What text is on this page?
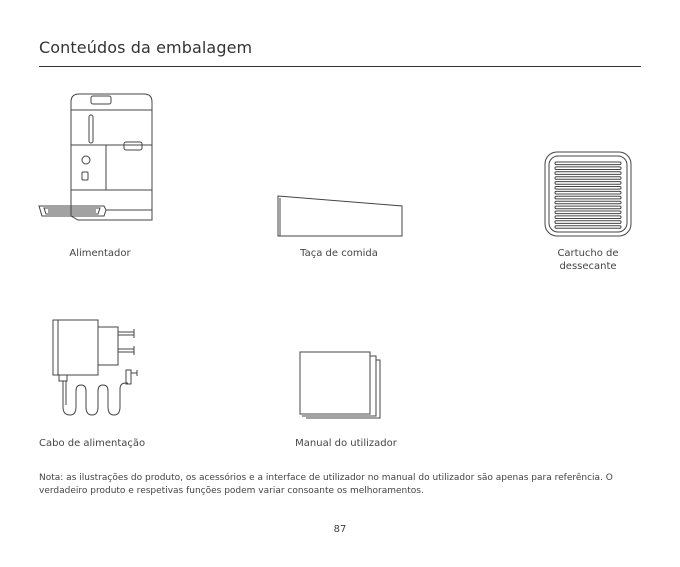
Conteúdos da embalagem
Alimentador	Taça de comida	Cartucho de
dessecante
Cabo de alimentação	Manual do utilizador
Nota: as ilustrações do produto, os acessórios e a interface de utilizador no manual do utilizador são apenas para referência. O verdadeiro produto e respetivas funções podem variar consoante os melhoramentos.
87
